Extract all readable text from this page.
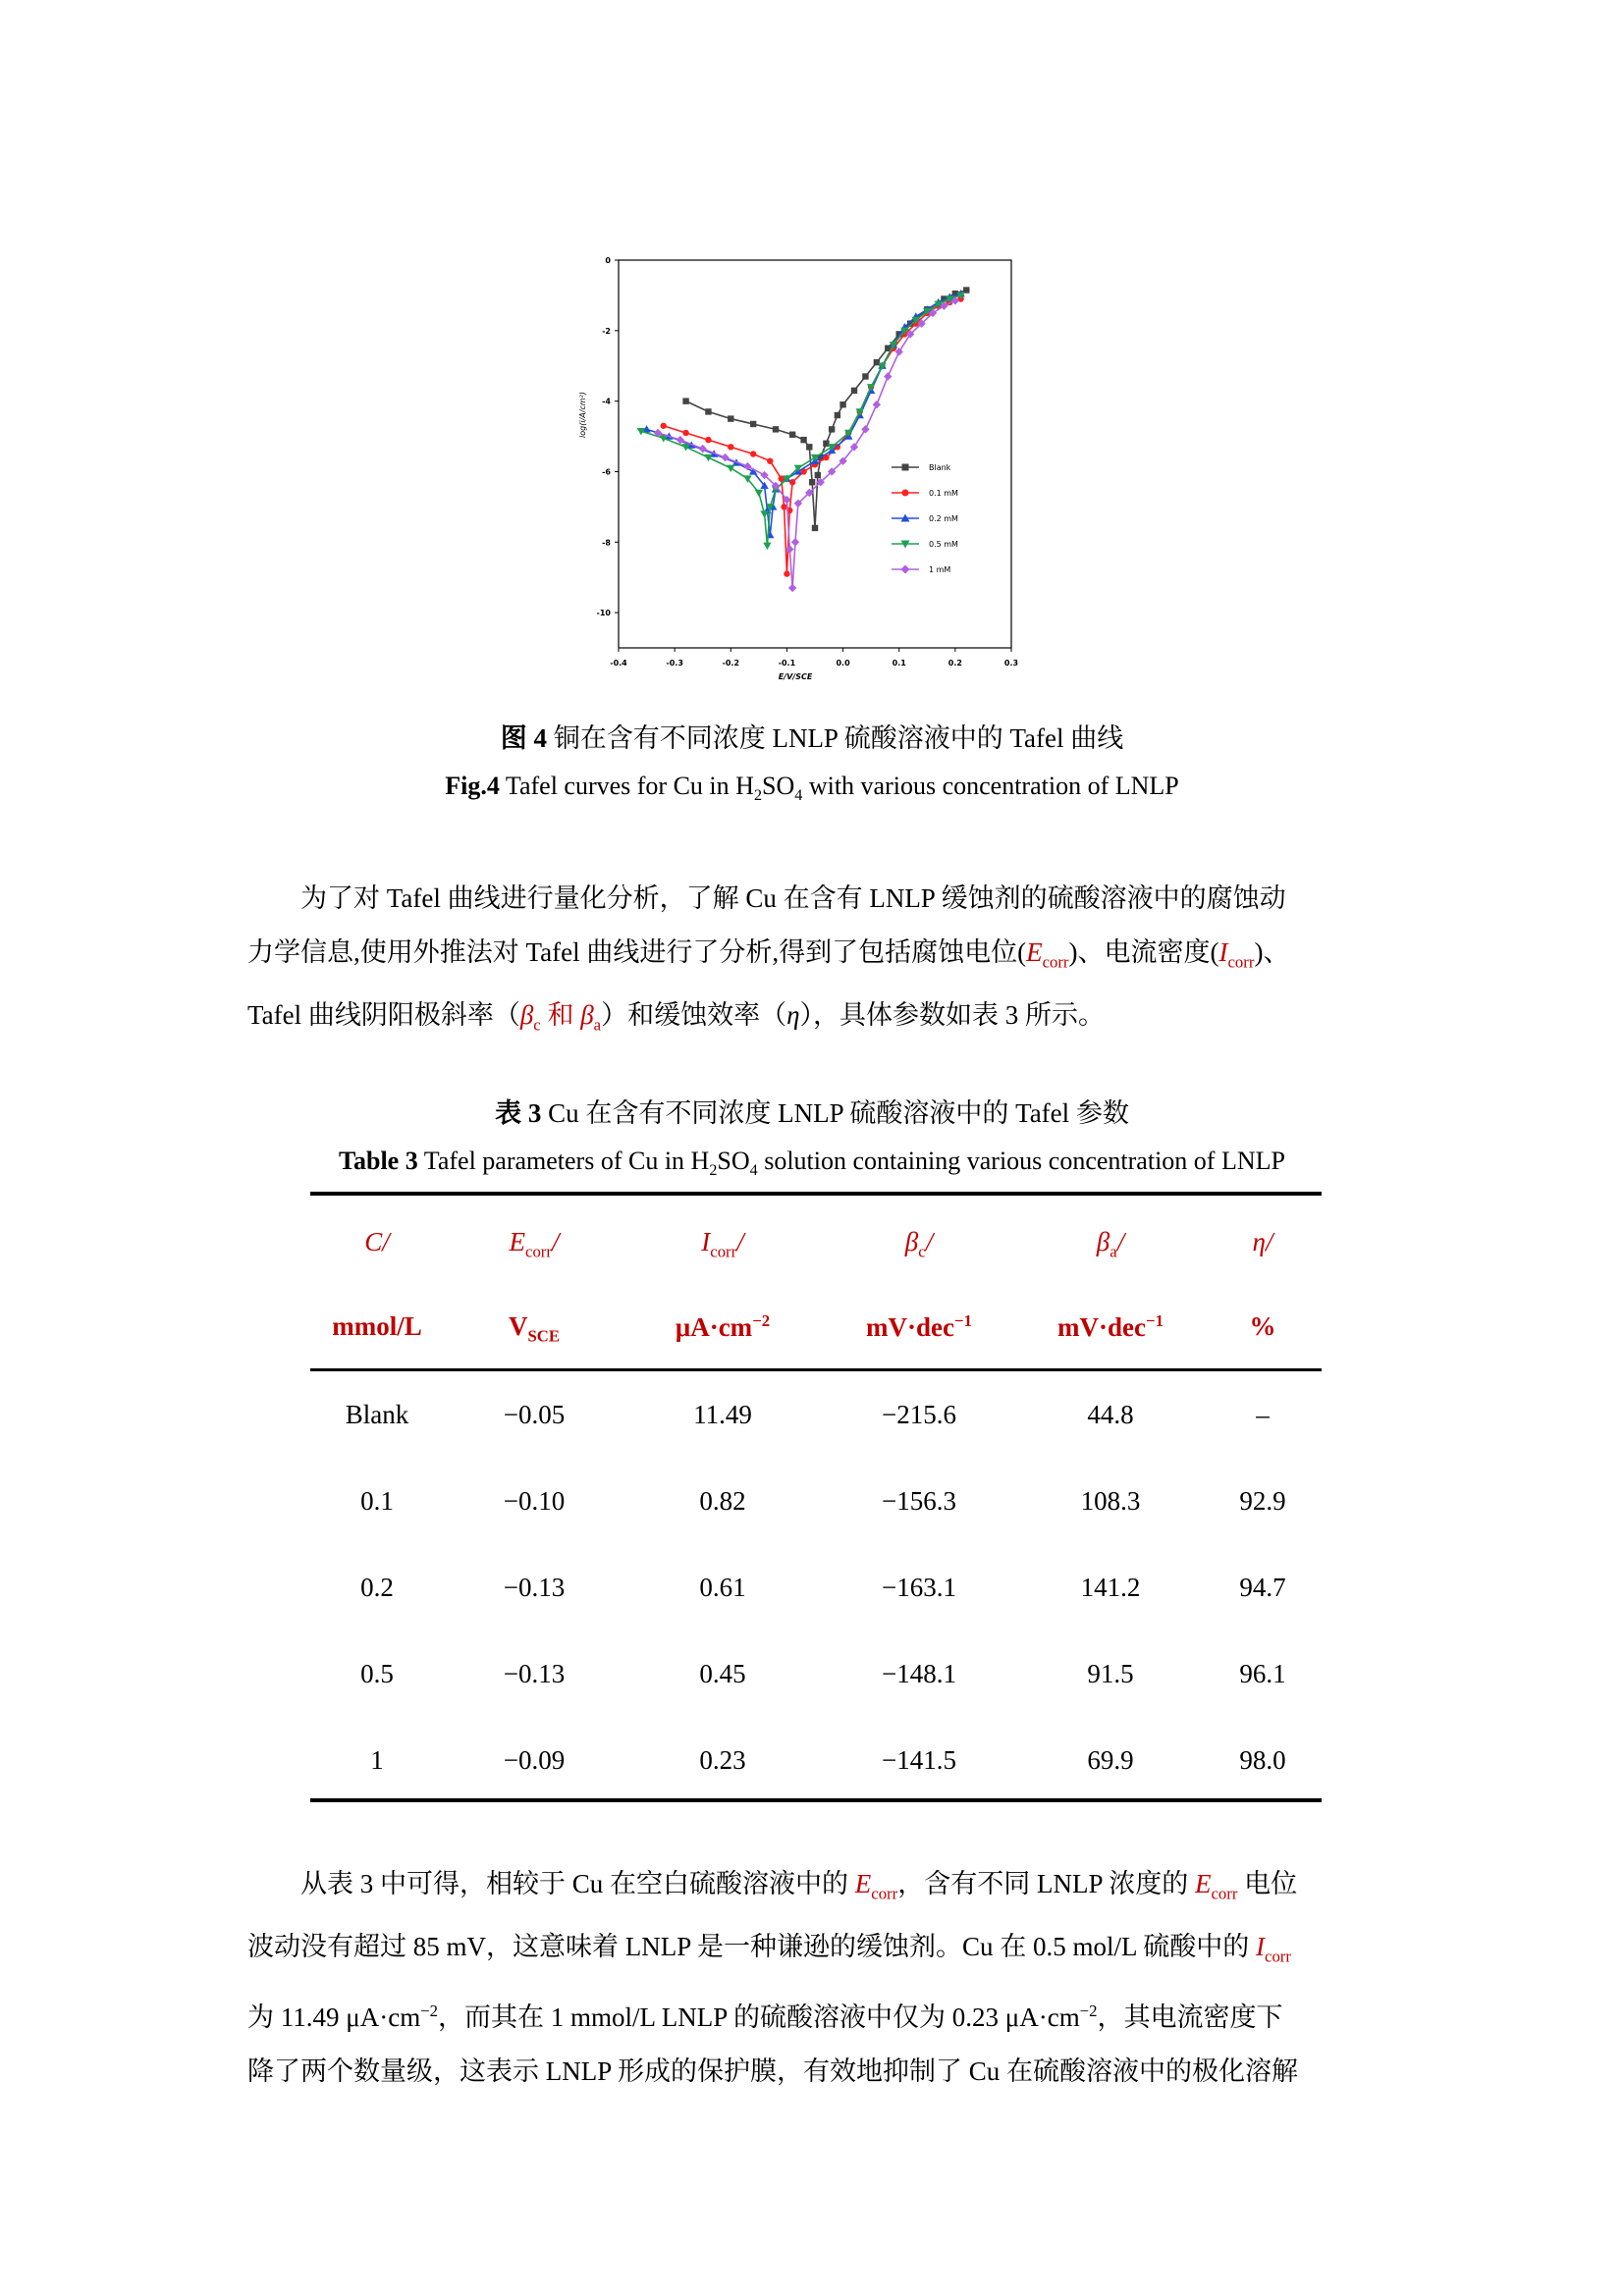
-0.4	-0.3	-0.2	-0.1	0.0	0.1	0.2	0.3
0
-2
-4
-6
-8
-10
E/V/SCE
log(i/A/cm²)
Blank
0.1 mM
0.2 mM
0.5 mM
1 mM
图 4 铜在含有不同浓度 LNLP 硫酸溶液中的 Tafel 曲线
Fig.4 Tafel curves for Cu in $H_2SO_4$ with various concentration of LNLP
为了对 Tafel 曲线进行量化分析，了解 Cu 在含有 LNLP 缓蚀剂的硫酸溶液中的腐蚀动
力学信息,使用外推法对 Tafel 曲线进行了分析,得到了包括腐蚀电位$(E_{corr})$、电流密度$(I_{corr})$、
Tafel 曲线阴阳极斜率（$\beta_c$ 和 $\beta_a$）和缓蚀效率（η），具体参数如表 3 所示。
表 3 Cu 在含有不同浓度 LNLP 硫酸溶液中的 Tafel 参数
Table 3 Tafel parameters of Cu in $H_2SO_4$ solution containing various concentration of LNLP
C/	$E_{corr}/$	$I_{corr}/$	$\beta_c/$	$\beta_a/$	η/
mmol/L	$V_{SCE}$	$\mu A\cdot cm^{-2}$	mV·dec$^{-1}$	mV·dec$^{-1}$	%
Blank	−0.05	11.49	−215.6	44.8	–
0.1	−0.10	0.82	−156.3	108.3	92.9
0.2	−0.13	0.61	−163.1	141.2	94.7
0.5	−0.13	0.45	−148.1	91.5	96.1
1	−0.09	0.23	−141.5	69.9	98.0
从表 3 中可得，相较于 Cu 在空白硫酸溶液中的 $E_{corr}$，含有不同 LNLP 浓度的 $E_{corr}$ 电位
波动没有超过 85 mV，这意味着 LNLP 是一种谦逊的缓蚀剂。Cu 在 0.5 mol/L 硫酸中的 $I_{corr}$
为 11.49 $\mu A\cdot cm^{-2}$，而其在 1 mmol/L LNLP 的硫酸溶液中仅为 0.23 $\mu A\cdot cm^{-2}$，其电流密度下
降了两个数量级，这表示 LNLP 形成的保护膜，有效地抑制了 Cu 在硫酸溶液中的极化溶解
